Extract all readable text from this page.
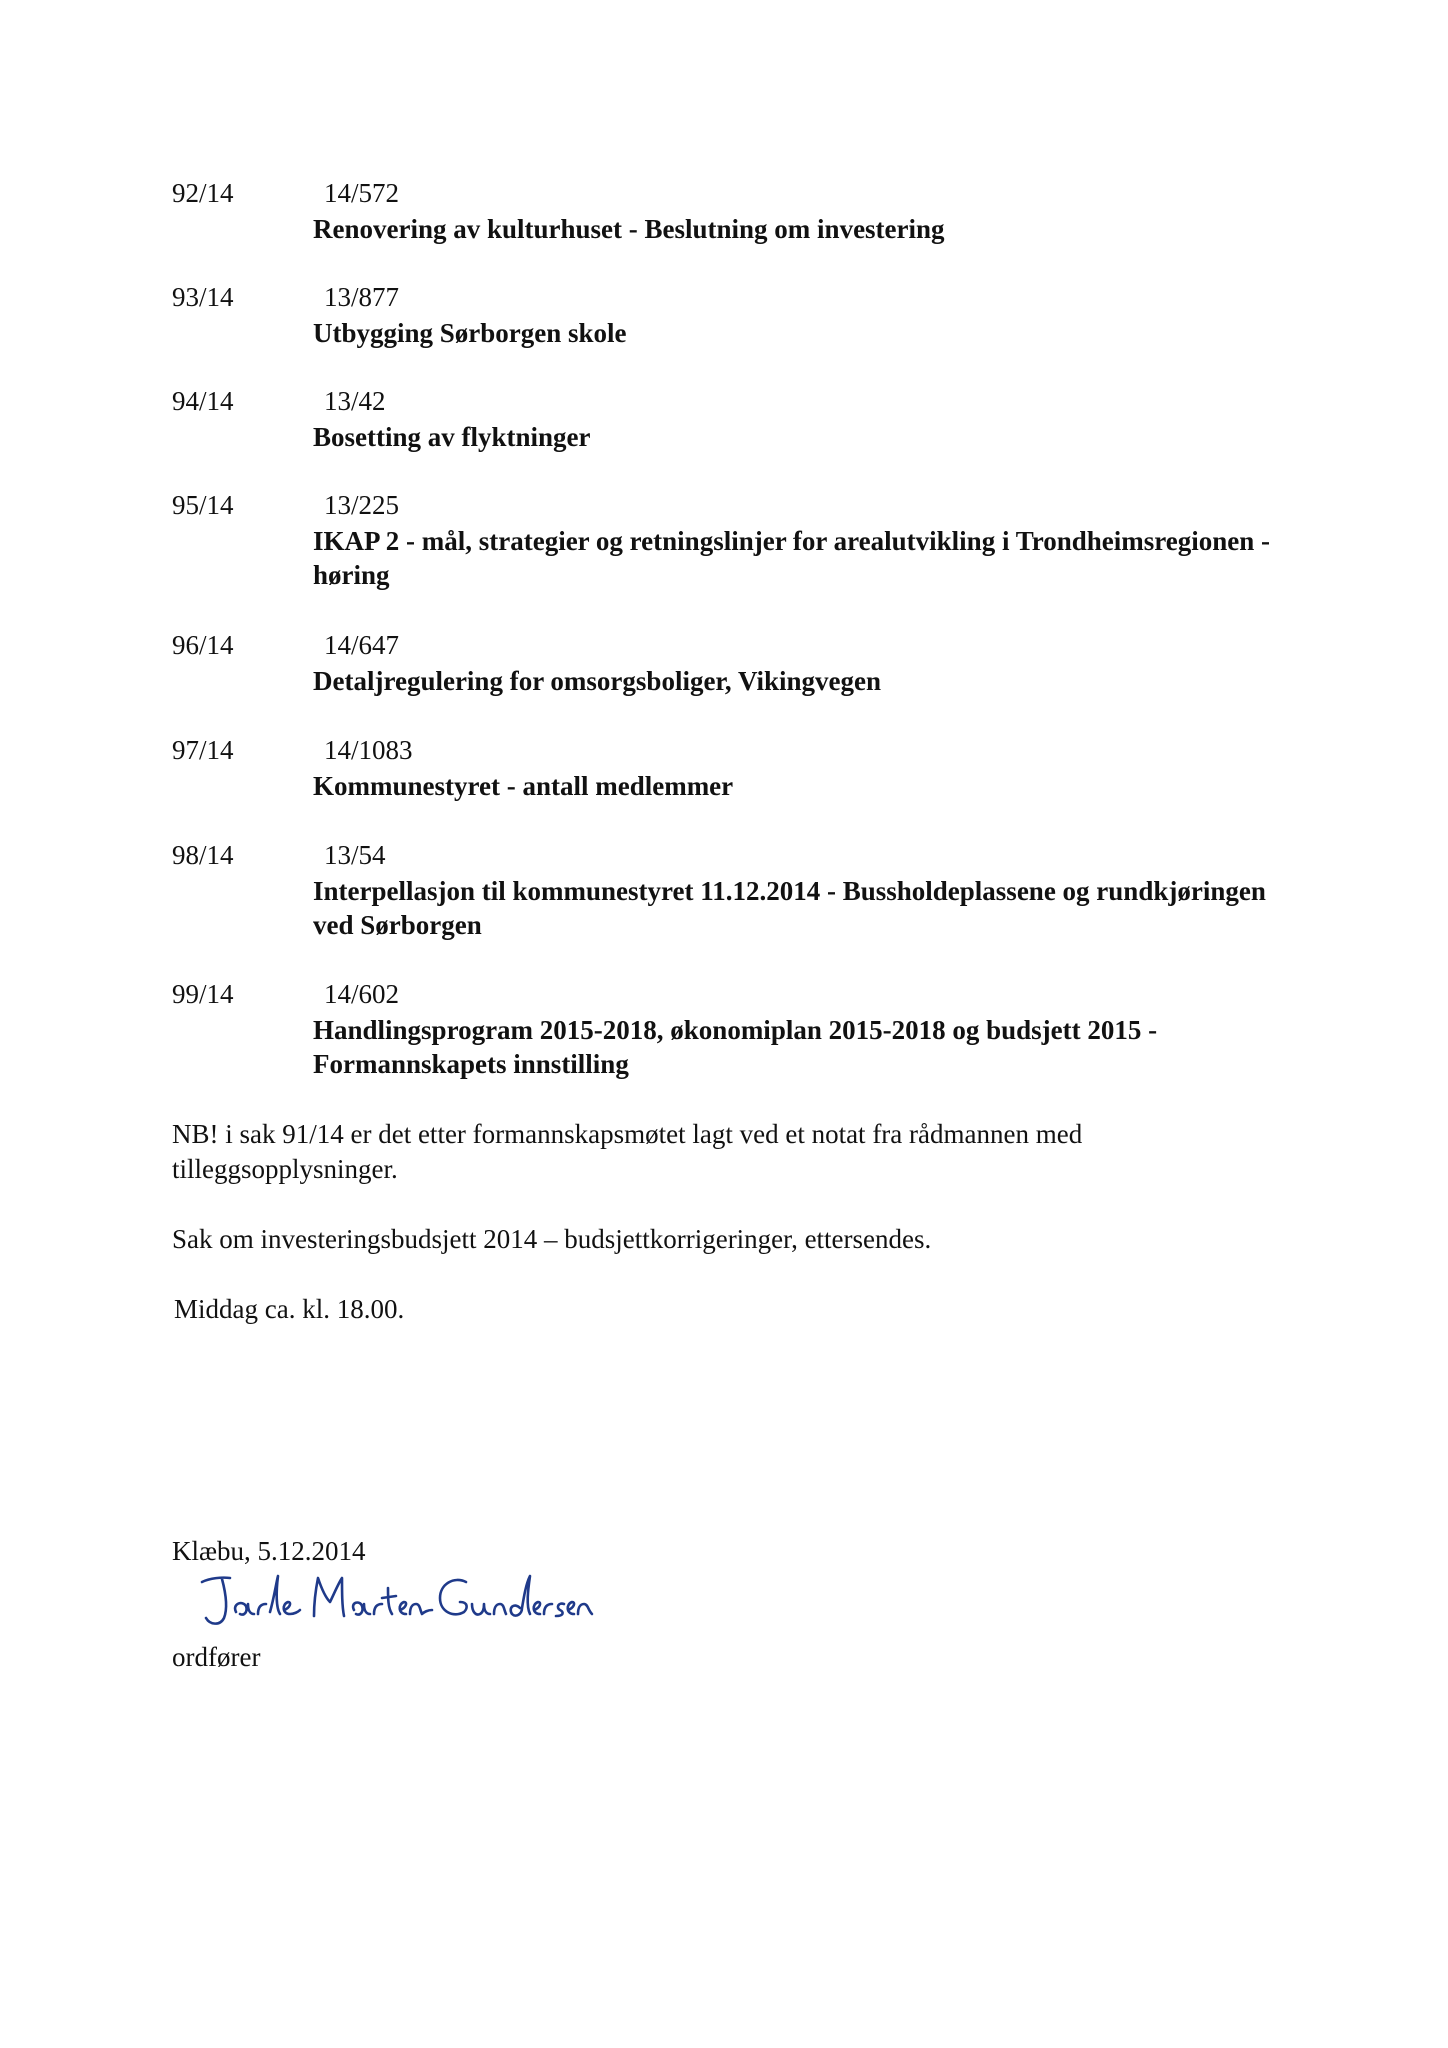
92/14	14/572
Renovering av kulturhuset - Beslutning om investering
93/14	13/877
Utbygging Sørborgen skole
94/14	13/42
Bosetting av flyktninger
95/14	13/225
IKAP 2 - mål, strategier og retningslinjer for arealutvikling i Trondheimsregionen - høring
96/14	14/647
Detaljregulering for omsorgsboliger, Vikingvegen
97/14	14/1083
Kommunestyret - antall medlemmer
98/14	13/54
Interpellasjon til kommunestyret 11.12.2014 - Bussholdeplassene og rundkjøringen ved Sørborgen
99/14	14/602
Handlingsprogram 2015-2018, økonomiplan 2015-2018 og budsjett 2015 - Formannskapets innstilling
NB! i sak 91/14 er det etter formannskapsmøtet lagt ved et notat fra rådmannen med tilleggsopplysninger.
Sak om investeringsbudsjett 2014 – budsjettkorrigeringer, ettersendes.
Middag ca. kl. 18.00.
Klæbu, 5.12.2014
ordfører
